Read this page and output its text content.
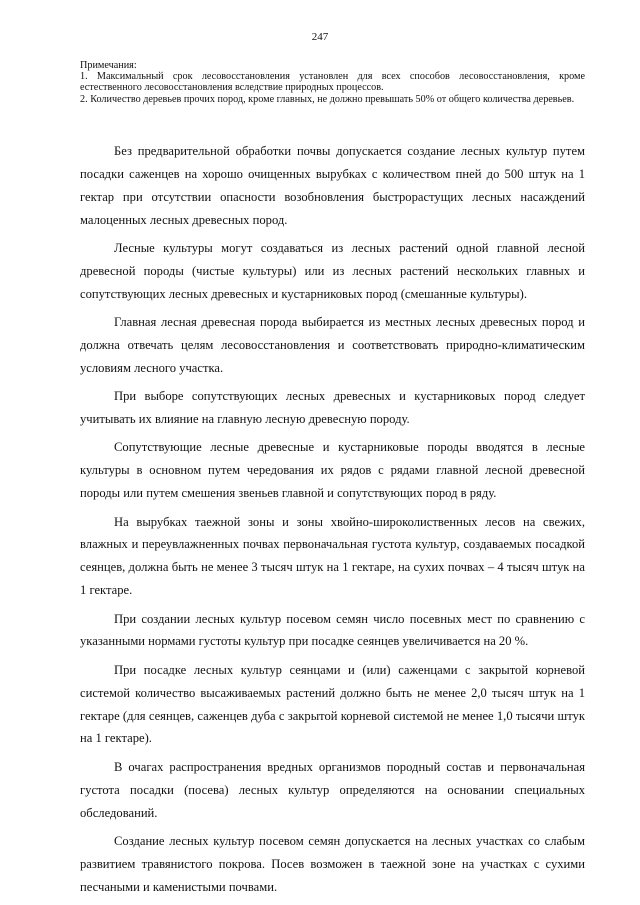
247

Примечания:

1. Максимальный срок лесовосстановления установлен для всех способов лесовосстановления, кроме естественного лесовосстановления вследствие природных процессов.

2. Количество деревьев прочих пород, кроме главных, не должно превышать 50% от общего количества деревьев.

Без предварительной обработки почвы допускается создание лесных культур путем посадки саженцев на хорошо очищенных вырубках с количеством пней до 500 штук на 1 гектар при отсутствии опасности возобновления быстрорастущих лесных насаждений малоценных лесных древесных пород.

Лесные культуры могут создаваться из лесных растений одной главной лесной древесной породы (чистые культуры) или из лесных растений нескольких главных и сопутствующих лесных древесных и кустарниковых пород (смешанные культуры).

Главная лесная древесная порода выбирается из местных лесных древесных пород и должна отвечать целям лесовосстановления и соответствовать природно-климатическим условиям лесного участка.

При выборе сопутствующих лесных древесных и кустарниковых пород следует учитывать их влияние на главную лесную древесную породу.

Сопутствующие лесные древесные и кустарниковые породы вводятся в лесные культуры в основном путем чередования их рядов с рядами главной лесной древесной породы или путем смешения звеньев главной и сопутствующих пород в ряду.

На вырубках таежной зоны и зоны хвойно-широколиственных лесов на свежих, влажных и переувлажненных почвах первоначальная густота культур, создаваемых посадкой сеянцев, должна быть не менее 3 тысяч штук на 1 гектаре, на сухих почвах – 4 тысяч штук на 1 гектаре.

При создании лесных культур посевом семян число посевных мест по сравнению с указанными нормами густоты культур при посадке сеянцев увеличивается на 20 %.

При посадке лесных культур сеянцами и (или) саженцами с закрытой корневой системой количество высаживаемых растений должно быть не менее 2,0 тысяч штук на 1 гектаре (для сеянцев, саженцев дуба с закрытой корневой системой не менее 1,0 тысячи штук на 1 гектаре).

В очагах распространения вредных организмов породный состав и первоначальная густота посадки (посева) лесных культур определяются на основании специальных обследований.

Создание лесных культур посевом семян допускается на лесных участках со слабым развитием травянистого покрова. Посев возможен в таежной зоне на участках с сухими песчаными и каменистыми почвами.
